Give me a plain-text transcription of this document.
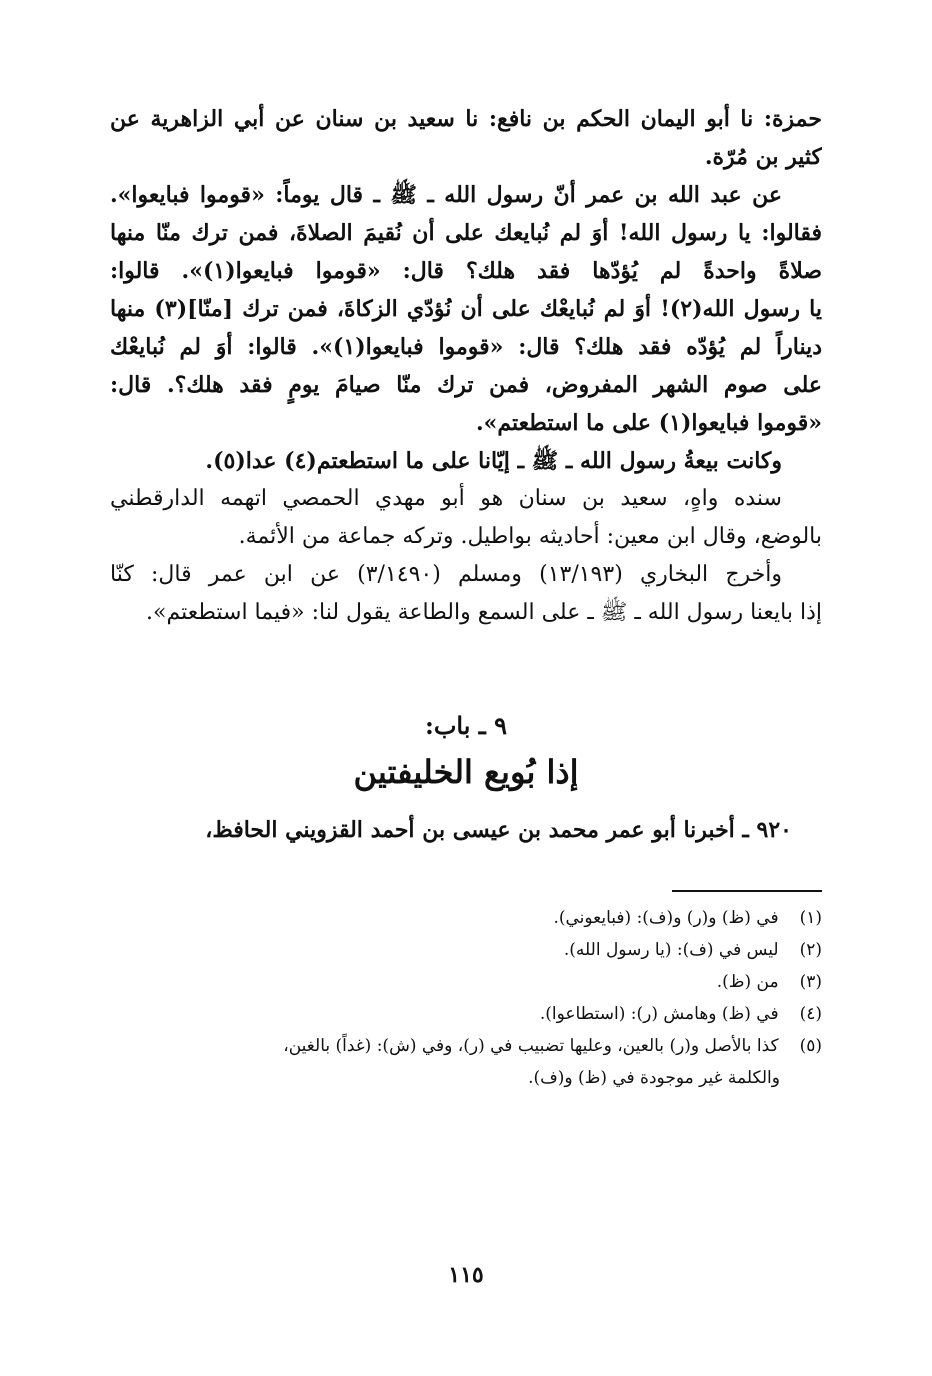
حمزة: نا أبو اليمان الحكم بن نافع: نا سعيد بن سنان عن أبي الزاهرية عن
كثير بن مُرّة.
عن عبد الله بن عمر أنّ رسول الله ـ ﷺ ـ قال يوماً: «قوموا فبايعوا».
فقالوا: يا رسول الله! أوَ لم نُبايعك على أن نُقيمَ الصلاةَ، فمن ترك منّا منها
صلاةً واحدةً لم يُؤدّها فقد هلك؟ قال: «قوموا فبايعوا(١)». قالوا:
يا رسول الله(٢)! أوَ لم نُبايعْك على أن نُؤدّي الزكاةَ، فمن ترك [منّا](٣) منها
ديناراً لم يُؤدّه فقد هلك؟ قال: «قوموا فبايعوا(١)». قالوا: أوَ لم نُبايعْك
على صوم الشهر المفروض، فمن ترك منّا صيامَ يومٍ فقد هلك؟. قال:
«قوموا فبايعوا(١) على ما استطعتم».
وكانت بيعةُ رسول الله ـ ﷺ ـ إيّانا على ما استطعتم(٤) عدا(٥).
سنده واهٍ، سعيد بن سنان هو أبو مهدي الحمصي اتهمه الدارقطني
بالوضع، وقال ابن معين: أحاديثه بواطيل. وتركه جماعة من الأئمة.
وأخرج البخاري (١٣/١٩٣) ومسلم (٣/١٤٩٠) عن ابن عمر قال: كنّا
إذا بايعنا رسول الله ـ ﷺ ـ على السمع والطاعة يقول لنا: «فيما استطعتم».
٩ ـ باب:
إذا بُويع الخليفتين
٩٢٠ ـ أخبرنا أبو عمر محمد بن عيسى بن أحمد القزويني الحافظ،
(١) في (ظ) و(ر) و(ف): (فبايعوني).
(٢) ليس في (ف): (يا رسول الله).
(٣) من (ظ).
(٤) في (ظ) وهامش (ر): (استطاعوا).
(٥) كذا بالأصل و(ر) بالعين، وعليها تضبيب في (ر)، وفي (ش): (غداً) بالغين،
والكلمة غير موجودة في (ظ) و(ف).
١١٥
